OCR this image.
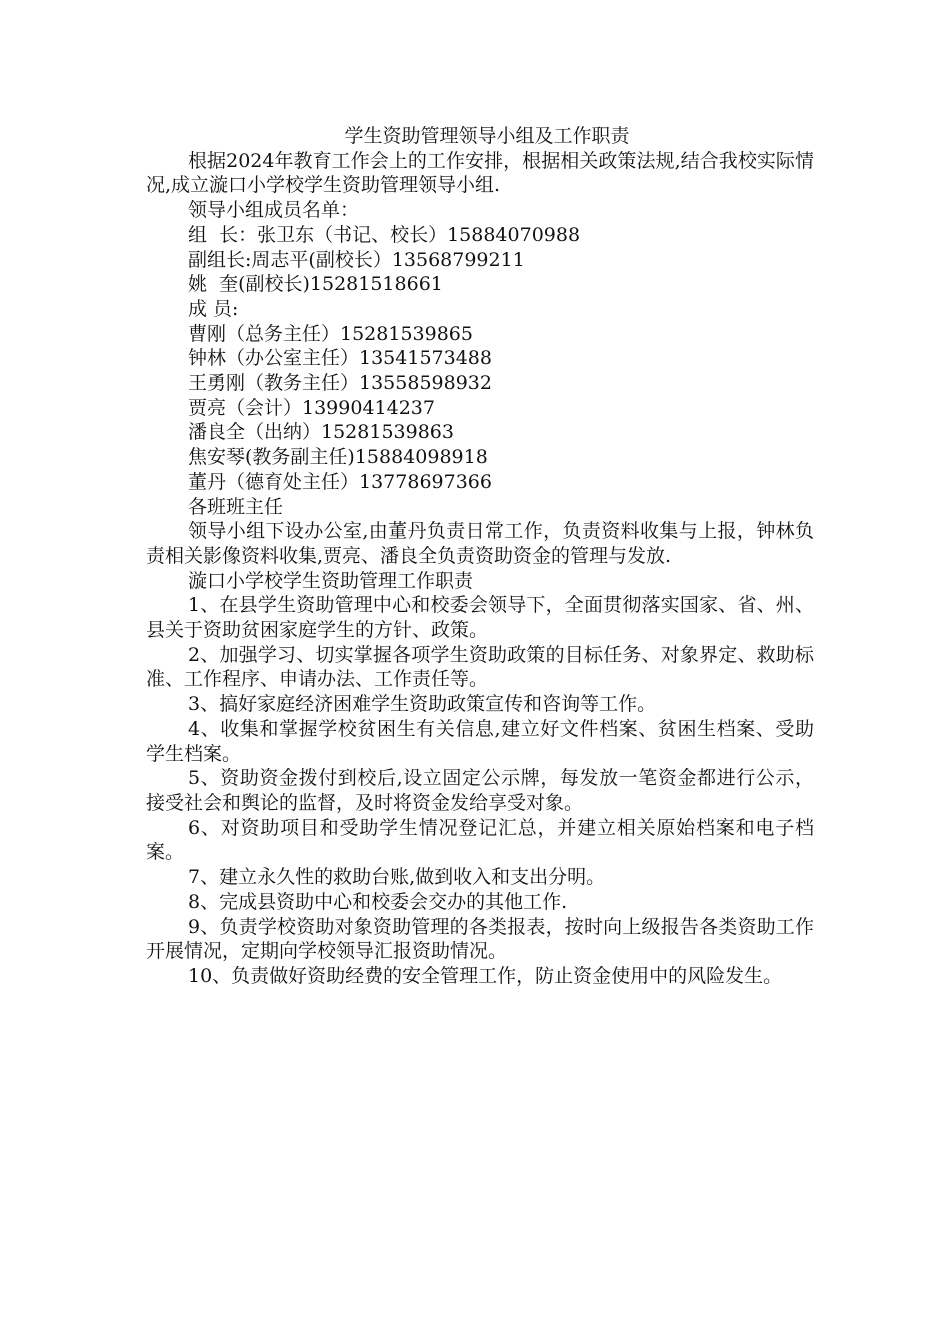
学生资助管理领导小组及工作职责

根据2024年教育工作会上的工作安排，根据相关政策法规,结合我校实际情况,成立漩口小学校学生资助管理领导小组.

领导小组成员名单：

组  长：张卫东（书记、校长）15884070988

副组长:周志平(副校长）13568799211

姚  奎(副校长)15281518661

成 员:

曹刚（总务主任）15281539865

钟林（办公室主任）13541573488

王勇刚（教务主任）13558598932

贾亮（会计）13990414237

潘良全（出纳）15281539863

焦安琴(教务副主任)15884098918

董丹（德育处主任）13778697366

各班班主任

领导小组下设办公室,由董丹负责日常工作，负责资料收集与上报，钟林负责相关影像资料收集,贾亮、潘良全负责资助资金的管理与发放.

漩口小学校学生资助管理工作职责

1、在县学生资助管理中心和校委会领导下，全面贯彻落实国家、省、州、县关于资助贫困家庭学生的方针、政策。

2、加强学习、切实掌握各项学生资助政策的目标任务、对象界定、救助标准、工作程序、申请办法、工作责任等。

3、搞好家庭经济困难学生资助政策宣传和咨询等工作。

4、收集和掌握学校贫困生有关信息,建立好文件档案、贫困生档案、受助学生档案。

5、资助资金拨付到校后,设立固定公示牌，每发放一笔资金都进行公示，接受社会和舆论的监督，及时将资金发给享受对象。

6、对资助项目和受助学生情况登记汇总，并建立相关原始档案和电子档案。

7、建立永久性的救助台账,做到收入和支出分明。

8、完成县资助中心和校委会交办的其他工作.

9、负责学校资助对象资助管理的各类报表，按时向上级报告各类资助工作开展情况，定期向学校领导汇报资助情况。

10、负责做好资助经费的安全管理工作，防止资金使用中的风险发生。
